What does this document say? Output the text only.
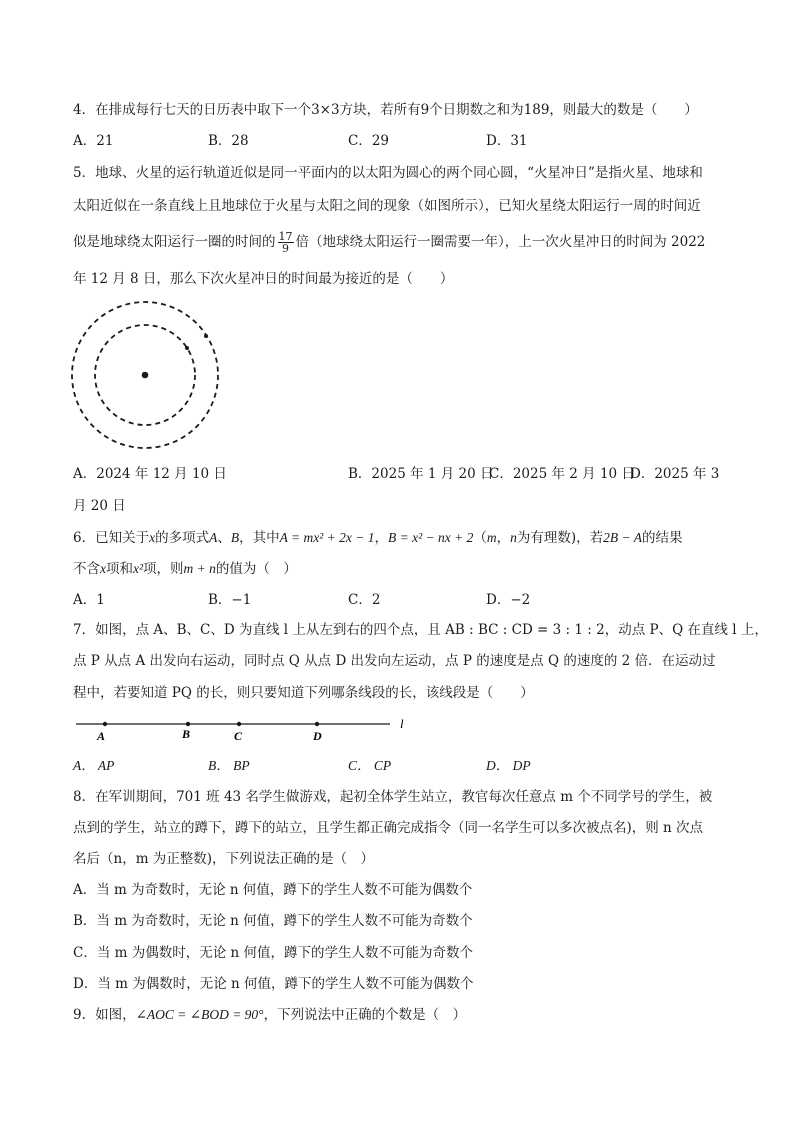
4．在排成每行七天的日历表中取下一个3×3方块，若所有9个日期数之和为189，则最大的数是（　　）
A．21	B．28	C．29	D．31
5．地球、火星的运行轨道近似是同一平面内的以太阳为圆心的两个同心圆，“火星冲日”是指火星、地球和
太阳近似在一条直线上且地球位于火星与太阳之间的现象（如图所示），已知火星绕太阳运行一周的时间近
似是地球绕太阳运行一圈的时间的 $\frac{17}{9}$ 倍（地球绕太阳运行一圈需要一年），上一次火星冲日的时间为 2022
年 12 月 8 日，那么下次火星冲日的时间最为接近的是（　　）
A．2024 年 12 月 10 日	B．2025 年 1 月 20 日
C．2025 年 2 月 10 日
D．2025 年 3
月 20 日
6．已知关于x的多项式A、B，其中A = mx² + 2x − 1，B = x² − nx + 2（m，n为有理数)，若2B − A的结果
不含x项和x²项，则m + n的值为（　）
A．1	B．−1	C．2	D．−2
7．如图，点 A、B、C、D 为直线 l 上从左到右的四个点，且 AB : BC : CD = 3 : 1 : 2，动点 P、Q 在直线 l 上，
点 P 从点 A 出发向右运动，同时点 Q 从点 D 出发向左运动，点 P 的速度是点 Q 的速度的 2 倍．在运动过
程中，若要知道 PQ 的长，则只要知道下列哪条线段的长，该线段是（　　）
A	B	C	D
l
A． AP	B． BP	C． CP	D． DP
8．在军训期间，701 班 43 名学生做游戏，起初全体学生站立，教官每次任意点 m 个不同学号的学生，被
点到的学生，站立的蹲下，蹲下的站立，且学生都正确完成指令（同一名学生可以多次被点名)，则 n 次点
名后（n，m 为正整数)，下列说法正确的是（　）
A．当 m 为奇数时，无论 n 何值，蹲下的学生人数不可能为偶数个
B．当 m 为奇数时，无论 n 何值，蹲下的学生人数不可能为奇数个
C．当 m 为偶数时，无论 n 何值，蹲下的学生人数不可能为奇数个
D．当 m 为偶数时，无论 n 何值，蹲下的学生人数不可能为偶数个
9．如图，∠AOC = ∠BOD = 90°，下列说法中正确的个数是（　）
